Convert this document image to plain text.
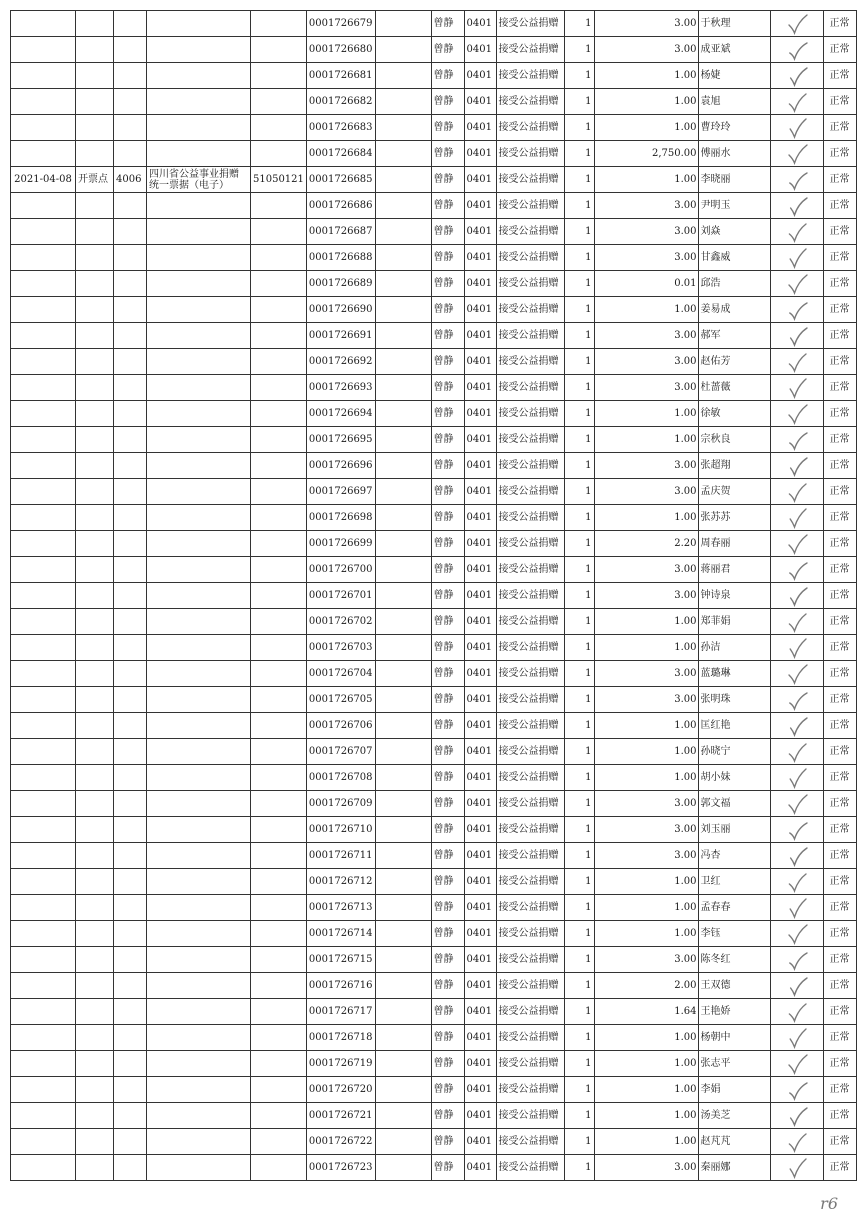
					0001726679		曾静	0401	接受公益捐赠	1	3.00	于秋理		正常
					0001726680		曾静	0401	接受公益捐赠	1	3.00	成亚斌		正常
					0001726681		曾静	0401	接受公益捐赠	1	1.00	杨婕		正常
					0001726682		曾静	0401	接受公益捐赠	1	1.00	袁旭		正常
					0001726683		曾静	0401	接受公益捐赠	1	1.00	曹玲玲		正常
					0001726684		曾静	0401	接受公益捐赠	1	2,750.00	傅丽水		正常
2021-04-08	开票点	4006	四川省公益事业捐赠统一票据（电子）	51050121	0001726685		曾静	0401	接受公益捐赠	1	1.00	李晓丽		正常
					0001726686		曾静	0401	接受公益捐赠	1	3.00	尹明玉		正常
					0001726687		曾静	0401	接受公益捐赠	1	3.00	刘焱		正常
					0001726688		曾静	0401	接受公益捐赠	1	3.00	甘鑫威		正常
					0001726689		曾静	0401	接受公益捐赠	1	0.01	邱浩		正常
					0001726690		曾静	0401	接受公益捐赠	1	1.00	姜易成		正常
					0001726691		曾静	0401	接受公益捐赠	1	3.00	郝军		正常
					0001726692		曾静	0401	接受公益捐赠	1	3.00	赵佑芳		正常
					0001726693		曾静	0401	接受公益捐赠	1	3.00	杜蔷薇		正常
					0001726694		曾静	0401	接受公益捐赠	1	1.00	徐敏		正常
					0001726695		曾静	0401	接受公益捐赠	1	1.00	宗秋良		正常
					0001726696		曾静	0401	接受公益捐赠	1	3.00	张超翔		正常
					0001726697		曾静	0401	接受公益捐赠	1	3.00	孟庆贺		正常
					0001726698		曾静	0401	接受公益捐赠	1	1.00	张苏苏		正常
					0001726699		曾静	0401	接受公益捐赠	1	2.20	周春丽		正常
					0001726700		曾静	0401	接受公益捐赠	1	3.00	蒋丽君		正常
					0001726701		曾静	0401	接受公益捐赠	1	3.00	钟诗泉		正常
					0001726702		曾静	0401	接受公益捐赠	1	1.00	郑菲娟		正常
					0001726703		曾静	0401	接受公益捐赠	1	1.00	孙洁		正常
					0001726704		曾静	0401	接受公益捐赠	1	3.00	蓝璐琳		正常
					0001726705		曾静	0401	接受公益捐赠	1	3.00	张明珠		正常
					0001726706		曾静	0401	接受公益捐赠	1	1.00	匡红艳		正常
					0001726707		曾静	0401	接受公益捐赠	1	1.00	孙晓宁		正常
					0001726708		曾静	0401	接受公益捐赠	1	1.00	胡小妹		正常
					0001726709		曾静	0401	接受公益捐赠	1	3.00	郭文福		正常
					0001726710		曾静	0401	接受公益捐赠	1	3.00	刘玉丽		正常
					0001726711		曾静	0401	接受公益捐赠	1	3.00	冯杏		正常
					0001726712		曾静	0401	接受公益捐赠	1	1.00	卫红		正常
					0001726713		曾静	0401	接受公益捐赠	1	1.00	孟春春		正常
					0001726714		曾静	0401	接受公益捐赠	1	1.00	李钰		正常
					0001726715		曾静	0401	接受公益捐赠	1	3.00	陈冬红		正常
					0001726716		曾静	0401	接受公益捐赠	1	2.00	王双德		正常
					0001726717		曾静	0401	接受公益捐赠	1	1.64	王艳娇		正常
					0001726718		曾静	0401	接受公益捐赠	1	1.00	杨朝中		正常
					0001726719		曾静	0401	接受公益捐赠	1	1.00	张志平		正常
					0001726720		曾静	0401	接受公益捐赠	1	1.00	李娟		正常
					0001726721		曾静	0401	接受公益捐赠	1	1.00	汤美芝		正常
					0001726722		曾静	0401	接受公益捐赠	1	1.00	赵芃芃		正常
					0001726723		曾静	0401	接受公益捐赠	1	3.00	秦丽娜		正常
r6
